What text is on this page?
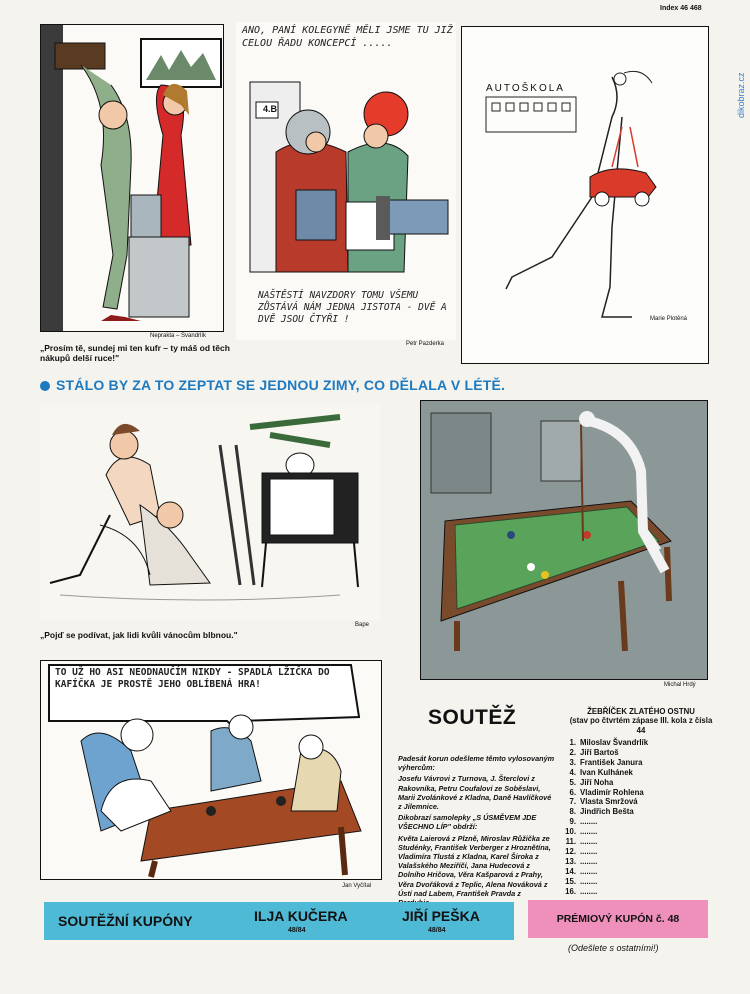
Index 46 468
dikobraz.cz
Neprakta – Švandrlík
„Prosím tě, sundej mi ten kufr – ty máš od těch nákupů delší ruce!"
ANO, PANÍ KOLEGYNĚ MĚLI JSME TU JIŽ CELOU ŘADU KONCEPCÍ .....
4.B
NAŠTĚSTÍ NAVZDORY TOMU VŠEMU ZŮSTÁVÁ NÁM JEDNA JISTOTA - DVĚ A DVĚ JSOU ČTYŘI !
Petr Pazderka
AUTOŠKOLA
Marie Plotěná
STÁLO BY ZA TO ZEPTAT SE JEDNOU ZIMY, CO DĚLALA V LÉTĚ.
Bape
„Pojď se podívat, jak lidi kvůli vánocům blbnou."
Michal Hrdý
TO UŽ HO ASI NEODNAUČÍM NIKDY - SPADLÁ LŽIČKA DO KAFÍČKA JE PROSTĚ JEHO OBLÍBENÁ HRA!
Jan Vyčítal
SOUTĚŽ

Padesát korun odešleme těmto vylosovaným výhercům:

Josefu Vávrovi z Turnova, J. Šterclovi z Rakovníka, Petru Coufalovi ze Soběslavi, Marii Zvolánkové z Kladna, Daně Havlíčkové z Jilemnice.

Dikobrazí samolepky „S ÚSMĚVEM JDE VŠECHNO LÍP" obdrží:

Květa Laierová z Plzně, Miroslav Růžička ze Studénky, František Verberger z Hroznětína, Vladimíra Tlustá z Kladna, Karel Široka z Valašského Meziříčí, Jana Hudecová z Dolního Hričova, Věra Kašparová z Prahy, Věra Dvořáková z Teplic, Alena Nováková z Ústí nad Labem, František Pravda z

ŽEBŘÍČEK ZLATÉHO OSTNU
(stav po čtvrtém zápase III. kola z čísla 44
1. Miloslav Švandrlík
2. Jiří Bartoš
3. František Janura
4. Ivan Kulhánek
5. Jiří Noha
6. Vladimír Rohlena
7. Vlasta Smržová
8. Jindřich Bešta
9. ........
10. ........
11. ........
12. ........
13. ........
14. ........
15. ........
16. ........
SOUTĚŽNÍ KUPÓNY	ILJA KUČERA
48/84
JIŘÍ PEŠKA
48/84
PRÉMIOVÝ KUPÓN č. 48
(Odešlete s ostatními!)
